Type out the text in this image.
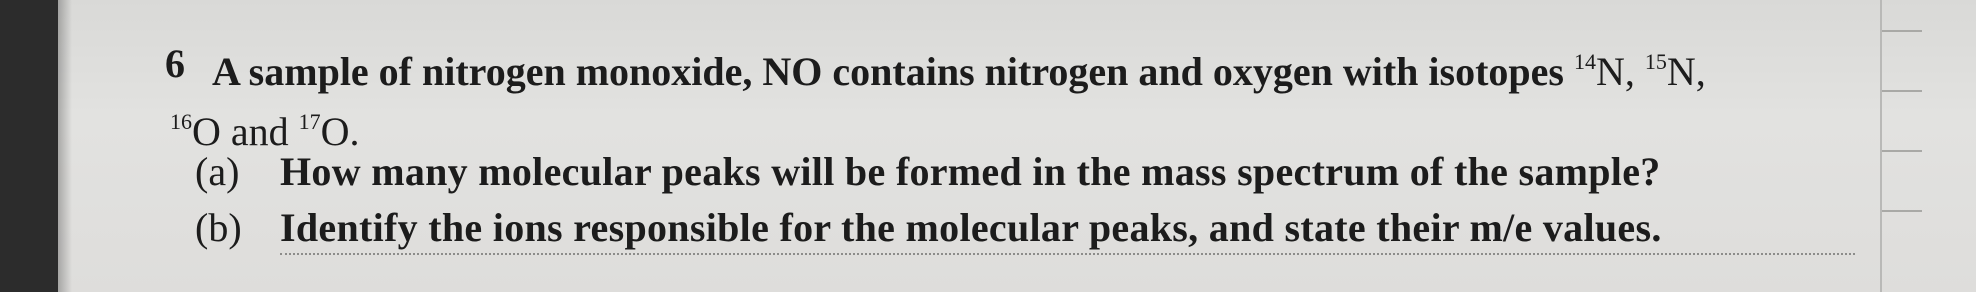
6 A sample of nitrogen monoxide, NO contains nitrogen and oxygen with isotopes $^{14}$N, $^{15}$N,
$^{16}$O and $^{17}$O.
(a) How many molecular peaks will be formed in the mass spectrum of the sample?
(b) Identify the ions responsible for the molecular peaks, and state their m/e values.
